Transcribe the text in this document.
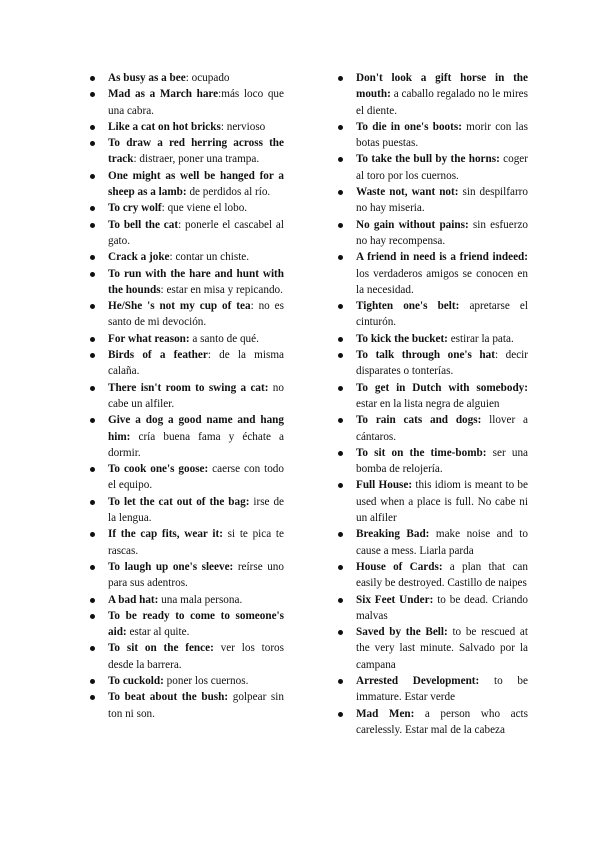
As busy as a bee: ocupado
Mad as a March hare:más loco que una cabra.
Like a cat on hot bricks: nervioso
To draw a red herring across the track: distraer, poner una trampa.
One might as well be hanged for a sheep as a lamb: de perdidos al río.
To cry wolf: que viene el lobo.
To bell the cat: ponerle el cascabel al gato.
Crack a joke: contar un chiste.
To run with the hare and hunt with the hounds: estar en misa y repicando.
He/She 's not my cup of tea: no es santo de mi devoción.
For what reason: a santo de qué.
Birds of a feather: de la misma calaña.
There isn't room to swing a cat: no cabe un alfiler.
Give a dog a good name and hang him: cría buena fama y échate a dormir.
To cook one's goose: caerse con todo el equipo.
To let the cat out of the bag: irse de la lengua.
If the cap fits, wear it: si te pica te rascas.
To laugh up one's sleeve: reírse uno para sus adentros.
A bad hat: una mala persona.
To be ready to come to someone's aid: estar al quite.
To sit on the fence: ver los toros desde la barrera.
To cuckold: poner los cuernos.
To beat about the bush: golpear sin ton ni son.
Don't look a gift horse in the mouth: a caballo regalado no le mires el diente.
To die in one's boots: morir con las botas puestas.
To take the bull by the horns: coger al toro por los cuernos.
Waste not, want not: sin despilfarro no hay miseria.
No gain without pains: sin esfuerzo no hay recompensa.
A friend in need is a friend indeed: los verdaderos amigos se conocen en la necesidad.
Tighten one's belt: apretarse el cinturón.
To kick the bucket: estirar la pata.
To talk through one's hat: decir disparates o tonterías.
To get in Dutch with somebody: estar en la lista negra de alguien
To rain cats and dogs: llover a cántaros.
To sit on the time-bomb: ser una bomba de relojería.
Full House: this idiom is meant to be used when a place is full. No cabe ni un alfiler
Breaking Bad: make noise and to cause a mess. Liarla parda
House of Cards: a plan that can easily be destroyed. Castillo de naipes
Six Feet Under: to be dead. Criando malvas
Saved by the Bell: to be rescued at the very last minute. Salvado por la campana
Arrested Development: to be immature. Estar verde
Mad Men: a person who acts carelessly. Estar mal de la cabeza
